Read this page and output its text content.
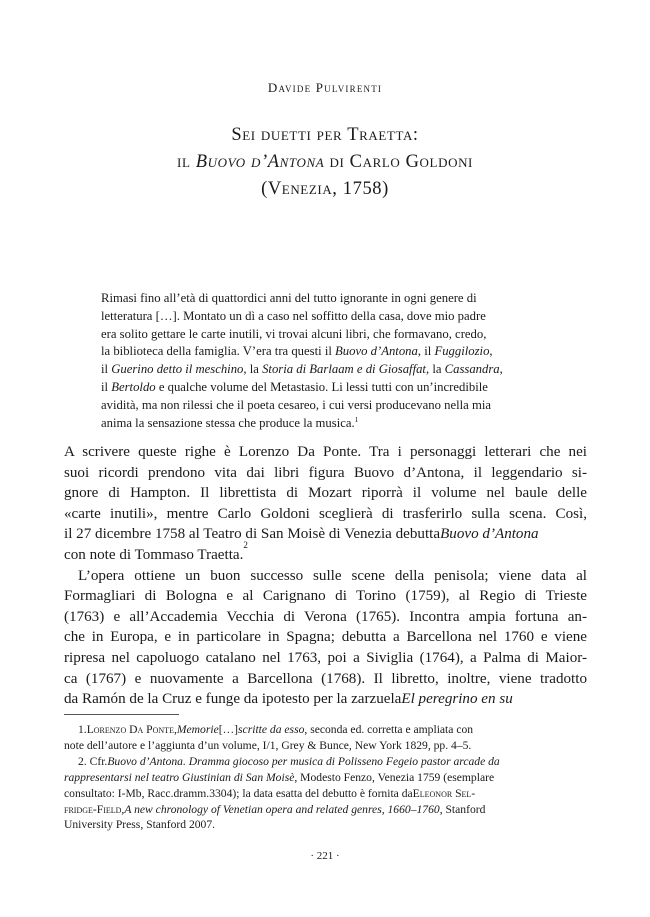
Davide Pulvirenti
Sei duetti per Traetta:
il Buovo d’Antona di Carlo Goldoni
(Venezia, 1758)
Rimasi fino all’età di quattordici anni del tutto ignorante in ogni genere di
letteratura […]. Montato un dì a caso nel soffitto della casa, dove mio padre
era solito gettare le carte inutili, vi trovai alcuni libri, che formavano, credo,
la biblioteca della famiglia. V’era tra questi il Buovo d’Antona, il Fuggilozio,
il Guerino detto il meschino, la Storia di Barlaam e di Giosaffat, la Cassandra,
il Bertoldo e qualche volume del Metastasio. Li lessi tutti con un’incredibile
avidità, ma non rilessi che il poeta cesareo, i cui versi producevano nella mia
anima la sensazione stessa che produce la musica.$^1$
A scrivere queste righe è Lorenzo Da Ponte. Tra i personaggi letterari che nei
suoi ricordi prendono vita dai libri figura Buovo d’Antona, il leggendario si-
gnore di Hampton. Il librettista di Mozart riporrà il volume nel baule delle
«carte inutili», mentre Carlo Goldoni sceglierà di trasferirlo sulla scena. Così,
il 27 dicembre 1758 al Teatro di San Moisè di Venezia debutta Buovo d’Antona
con note di Tommaso Traetta.
2
L’opera ottiene un buon successo sulle scene della penisola; viene data al
Formagliari di Bologna e al Carignano di Torino (1759), al Regio di Trieste
(1763) e all’Accademia Vecchia di Verona (1765). Incontra ampia fortuna an-
che in Europa, e in particolare in Spagna; debutta a Barcellona nel 1760 e viene
ripresa nel capoluogo catalano nel 1763, poi a Siviglia (1764), a Palma di Maior-
ca (1767) e nuovamente a Barcellona (1768). Il libretto, inoltre, viene tradotto
da Ramón de la Cruz e funge da ipotesto per la zarzuela El peregrino en su
1. Lorenzo Da Ponte , Memorie […] scritte da esso , seconda ed. corretta e ampliata con
note dell’autore e l’aggiunta d’un volume, I/1, Grey & Bunce, New York 1829, pp. 4–5.
2. Cfr. Buovo d’Antona. Dramma giocoso per musica di Polisseno Fegeio pastor arcade da
rappresentarsi nel teatro Giustinian di San Moisè , Modesto Fenzo, Venezia 1759 (esemplare
consultato: I-Mb, Racc.dramm.3304); la data esatta del debutto è fornita da Eleonor Sel-
fridge-Field , A new chronology of Venetian opera and related genres, 1660–1760 , Stanford
University Press, Stanford 2007.
· 221 ·
